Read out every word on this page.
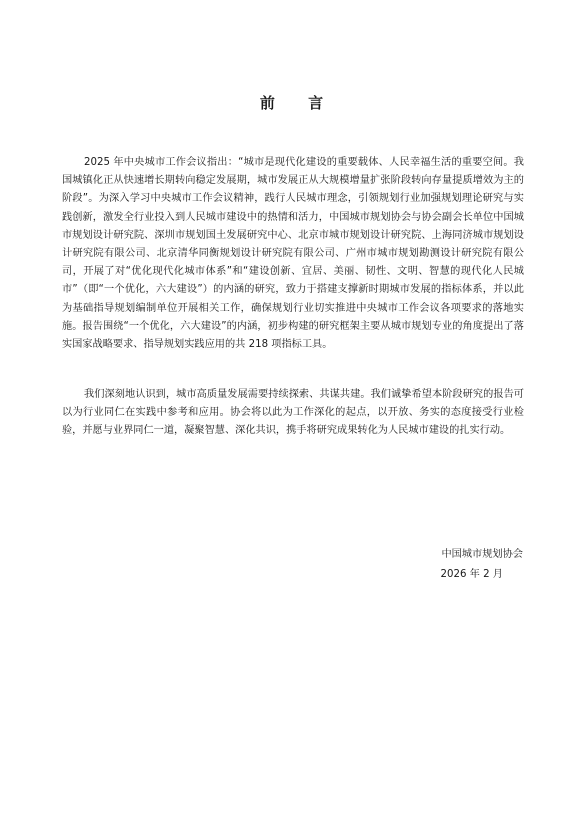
前 言
2025 年中央城市工作会议指出：“城市是现代化建设的重要载体、人民幸福生活的重要空间。我国城镇化正从快速增长期转向稳定发展期，城市发展正从大规模增量扩张阶段转向存量提质增效为主的阶段”。为深入学习中央城市工作会议精神，践行人民城市理念，引领规划行业加强规划理论研究与实践创新，激发全行业投入到人民城市建设中的热情和活力，中国城市规划协会与协会副会长单位中国城市规划设计研究院、深圳市规划国土发展研究中心、北京市城市规划设计研究院、上海同济城市规划设计研究院有限公司、北京清华同衡规划设计研究院有限公司、广州市城市规划勘测设计研究院有限公司，开展了对“优化现代化城市体系”和“建设创新、宜居、美丽、韧性、文明、智慧的现代化人民城市”（即“一个优化，六大建设”）的内涵的研究，致力于搭建支撑新时期城市发展的指标体系，并以此为基础指导规划编制单位开展相关工作，确保规划行业切实推进中央城市工作会议各项要求的落地实施。报告围绕“一个优化，六大建设”的内涵，初步构建的研究框架主要从城市规划专业的角度提出了落实国家战略要求、指导规划实践应用的共 218 项指标工具。
我们深刻地认识到，城市高质量发展需要持续探索、共谋共建。我们诚挚希望本阶段研究的报告可以为行业同仁在实践中参考和应用。协会将以此为工作深化的起点，以开放、务实的态度接受行业检验，并愿与业界同仁一道，凝聚智慧、深化共识，携手将研究成果转化为人民城市建设的扎实行动。
中国城市规划协会
2026 年 2 月
